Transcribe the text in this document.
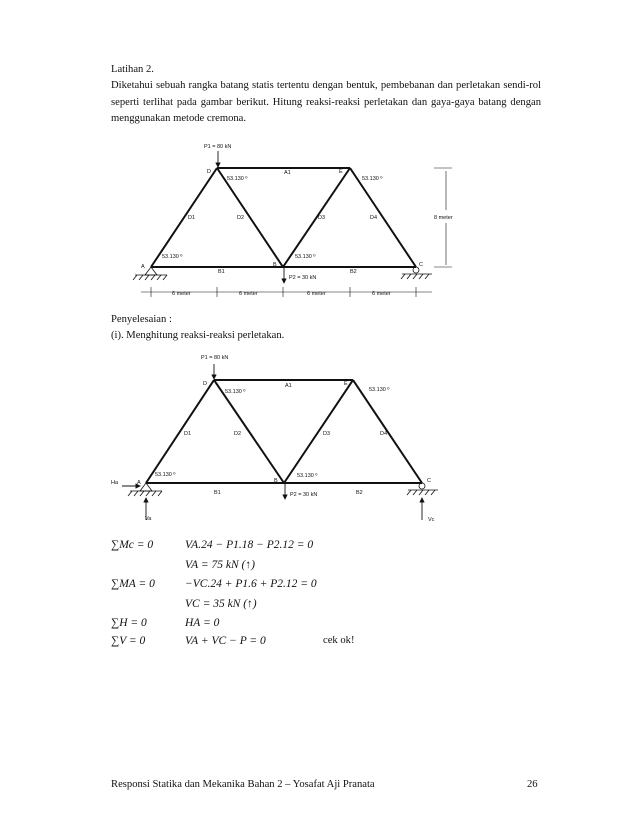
Latihan 2.
Diketahui sebuah rangka batang statis tertentu dengan bentuk, pembebanan dan perletakan sendi-rol seperti terlihat pada gambar berikut. Hitung reaksi-reaksi perletakan dan gaya-gaya batang dengan menggunakan metode cremona.
P1 = 80 kN
P2 = 30 kN
A	B	C
D	E
A1
B1	B2
D1	D2	D3	D4
53.130 º	53.130 º
53.130 º	53.130 º
8 meter
6 meter	6 meter	6 meter	6 meter
Penyelesaian :
(i). Menghitung reaksi-reaksi perletakan.
P1 = 80 kN
P2 = 30 kN
A	B	C
D	E
A1
B1	B2
D1	D2	D3	D4
53.130 º	53.130 º
53.130 º	53.130 º
Ha
Va	Vc
∑Mc = 0	VA.24 − P1.18 − P2.12 = 0
VA = 75 kN (↑)
∑MA = 0	−VC.24 + P1.6 + P2.12 = 0
VC = 35 kN (↑)
∑H = 0	HA = 0
∑V = 0	VA + VC − P = 0	cek ok!
Responsi Statika dan Mekanika Bahan 2 – Yosafat Aji Pranata	26
